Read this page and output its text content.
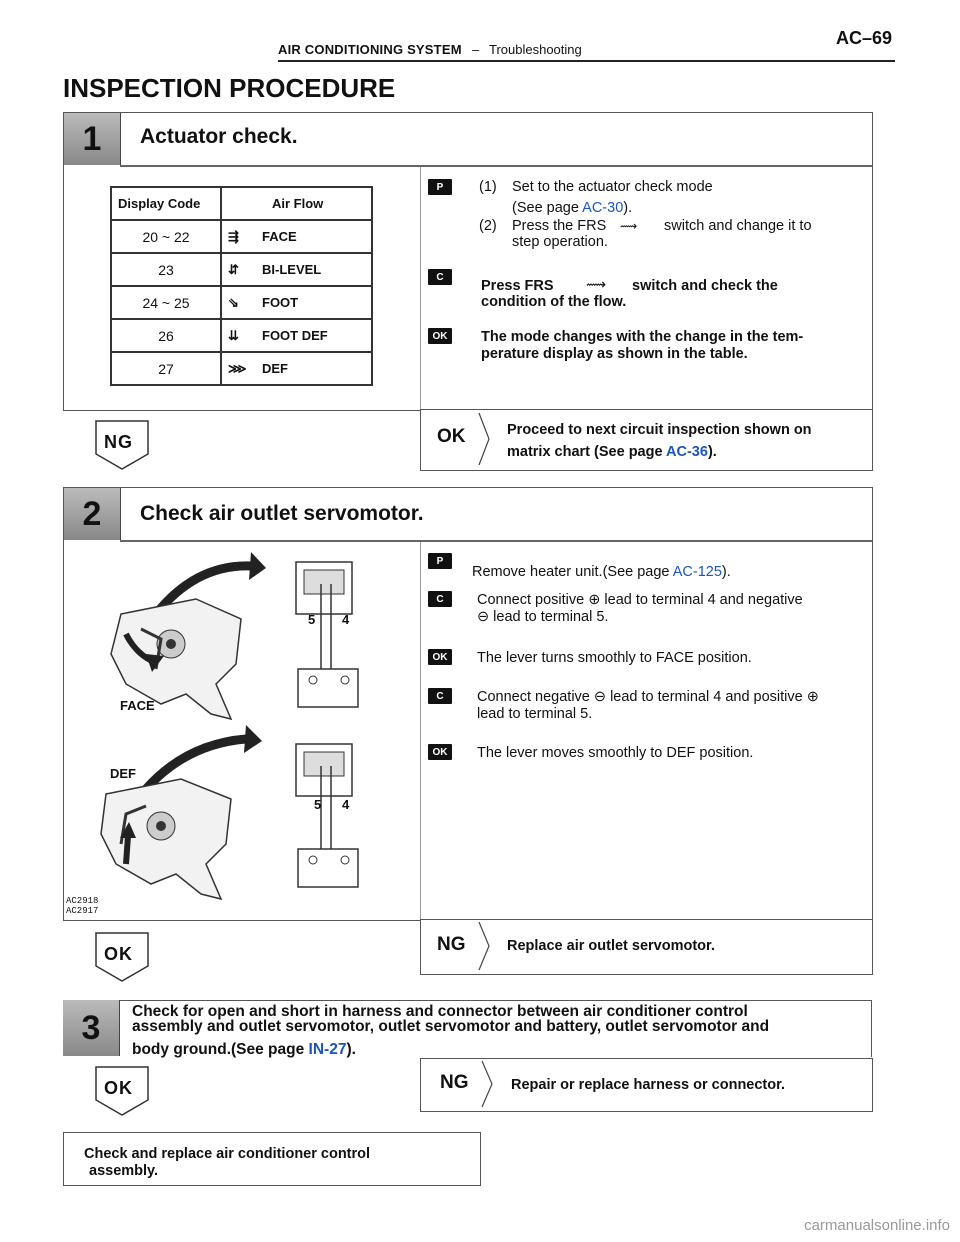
AIR CONDITIONING SYSTEM – Troubleshooting
AC–69
INSPECTION PROCEDURE
1	Actuator check.
Display Code	Air Flow
20 ~ 22	⇶ FACE
23	⇵ BI-LEVEL
24 ~ 25	⇘ FOOT
26	⇊ FOOT DEF
27	⋙ DEF
P	(1) Set to the actuator check mode
(See page AC-30).
(2) Press the FRS ⟿ switch and change it to
step operation.
C
Press FRS ⟿ switch and check the
condition of the flow.
OK	The mode changes with the change in the tem-
perature display as shown in the table.
NG	OK	Proceed to next circuit inspection shown on
matrix chart (See page AC-36).
2	Check air outlet servomotor.
FACE
DEF
5 4
5 4
AC2918
AC2917
P
Remove heater unit.(See page AC-125).
C	Connect positive ⊕ lead to terminal 4 and negative
⊖ lead to terminal 5.
OK	The lever turns smoothly to FACE position.
C	Connect negative ⊖ lead to terminal 4 and positive ⊕
lead to terminal 5.
OK	The lever moves smoothly to DEF position.
OK	NG	Replace air outlet servomotor.
3	Check for open and short in harness and connector between air conditioner control
assembly and outlet servomotor, outlet servomotor and battery, outlet servomotor and
body ground.(See page IN-27).
OK	NG	Repair or replace harness or connector.
Check and replace air conditioner control
assembly.
carmanualsonline.info
